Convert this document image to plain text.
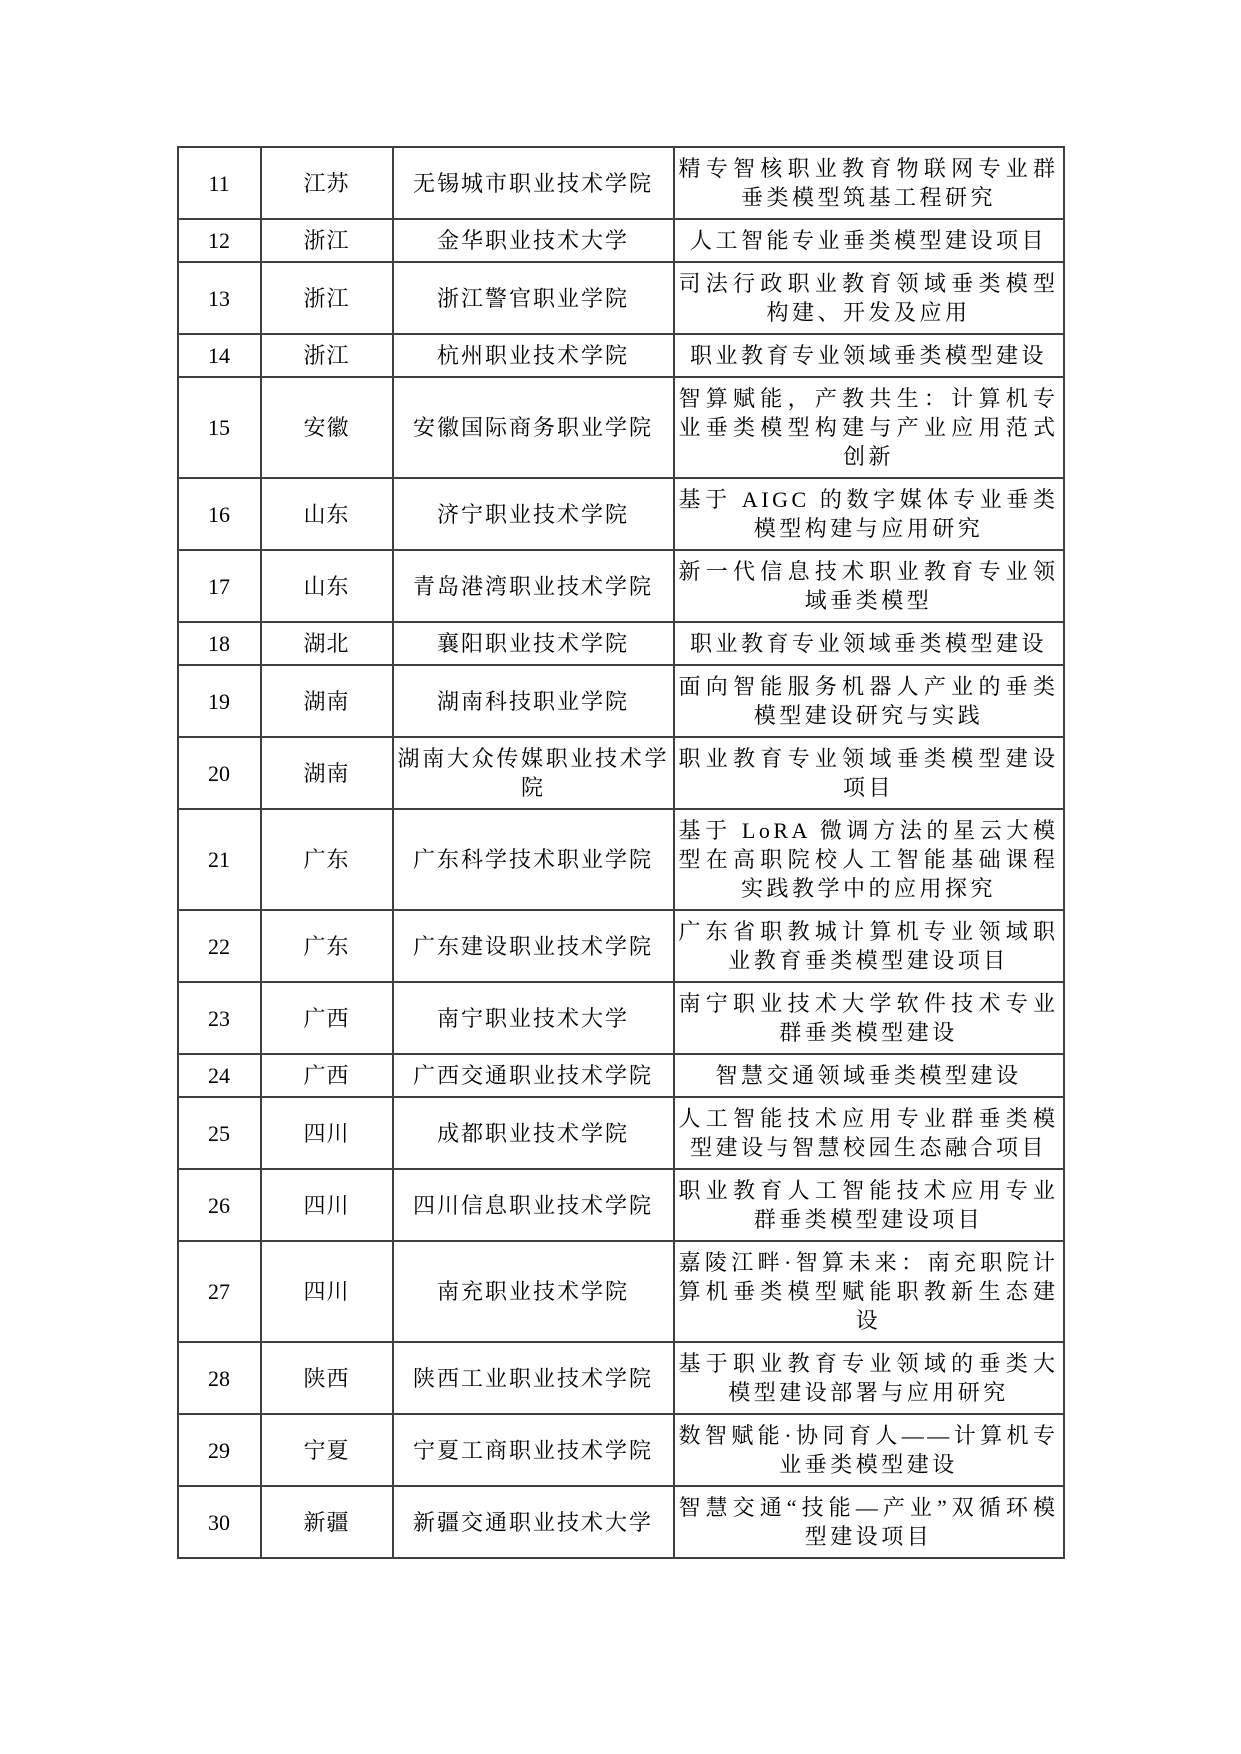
11	江苏	无锡城市职业技术学院	精专智核职业教育物联网专业群垂类模型筑基工程研究
12	浙江	金华职业技术大学	人工智能专业垂类模型建设项目
13	浙江	浙江警官职业学院	司法行政职业教育领域垂类模型构建、开发及应用
14	浙江	杭州职业技术学院	职业教育专业领域垂类模型建设
15	安徽	安徽国际商务职业学院	智算赋能，产教共生：计算机专业垂类模型构建与产业应用范式创新
16	山东	济宁职业技术学院	基于 AIGC 的数字媒体专业垂类模型构建与应用研究
17	山东	青岛港湾职业技术学院	新一代信息技术职业教育专业领域垂类模型
18	湖北	襄阳职业技术学院	职业教育专业领域垂类模型建设
19	湖南	湖南科技职业学院	面向智能服务机器人产业的垂类模型建设研究与实践
20	湖南	湖南大众传媒职业技术学院	职业教育专业领域垂类模型建设项目
21	广东	广东科学技术职业学院	基于 LoRA 微调方法的星云大模型在高职院校人工智能基础课程实践教学中的应用探究
22	广东	广东建设职业技术学院	广东省职教城计算机专业领域职业教育垂类模型建设项目
23	广西	南宁职业技术大学	南宁职业技术大学软件技术专业群垂类模型建设
24	广西	广西交通职业技术学院	智慧交通领域垂类模型建设
25	四川	成都职业技术学院	人工智能技术应用专业群垂类模型建设与智慧校园生态融合项目
26	四川	四川信息职业技术学院	职业教育人工智能技术应用专业群垂类模型建设项目
27	四川	南充职业技术学院	嘉陵江畔·智算未来：南充职院计算机垂类模型赋能职教新生态建设
28	陕西	陕西工业职业技术学院	基于职业教育专业领域的垂类大模型建设部署与应用研究
29	宁夏	宁夏工商职业技术学院	数智赋能·协同育人——计算机专业垂类模型建设
30	新疆	新疆交通职业技术大学	智慧交通“技能—产业”双循环模型建设项目
